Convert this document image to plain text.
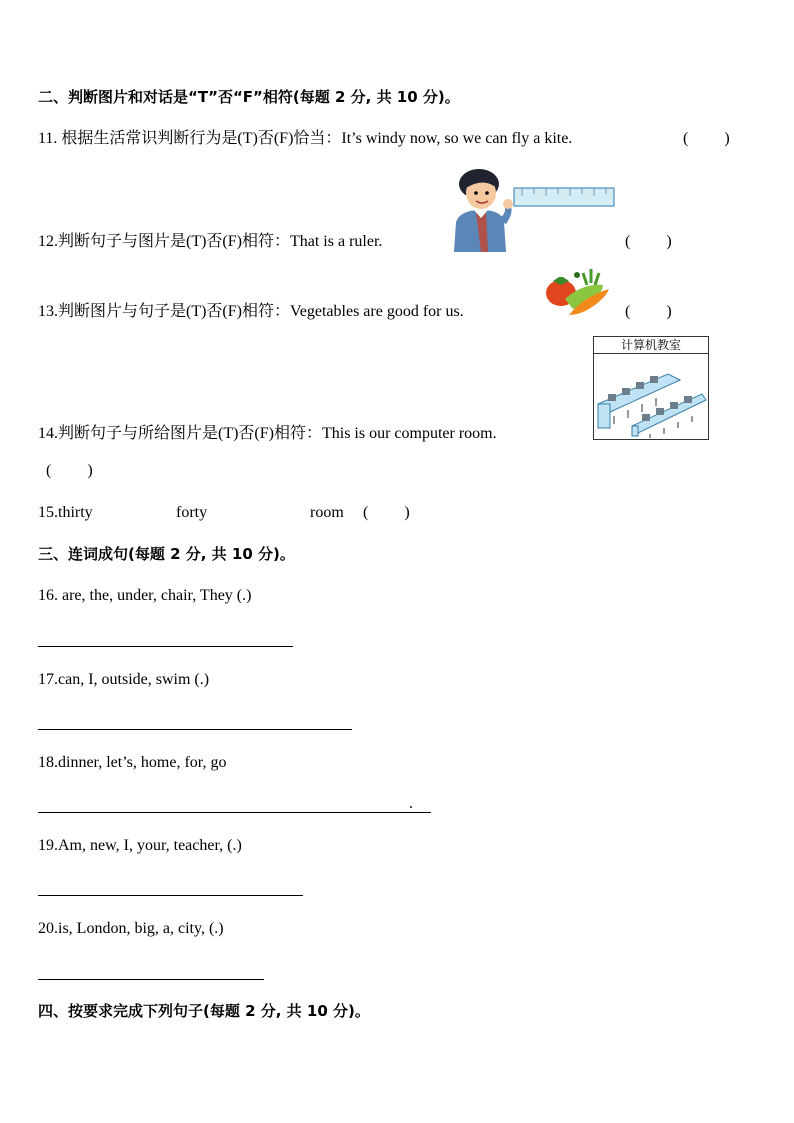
二、判断图片和对话是“T”否“F”相符(每题 2 分, 共 10 分)。
11. 根据生活常识判断行为是(T)否(F)恰当：It’s windy now, so we can fly a kite.	(         )
12.判断句子与图片是(T)否(F)相符：That is a ruler.	(         )
13.判断图片与句子是(T)否(F)相符：Vegetables are good for us.	(         )
计算机教室
14.判断句子与所给图片是(T)否(F)相符：This is our computer room.
(         )
15.thirty	forty	room (         )
三、连词成句(每题 2 分, 共 10 分)。
16. are, the, under, chair, They (.)
17.can, I, outside, swim (.)
18.dinner, let’s, home, for, go
.
19.Am, new, I, your, teacher, (.)
20.is, London, big, a, city, (.)
四、按要求完成下列句子(每题 2 分, 共 10 分)。
